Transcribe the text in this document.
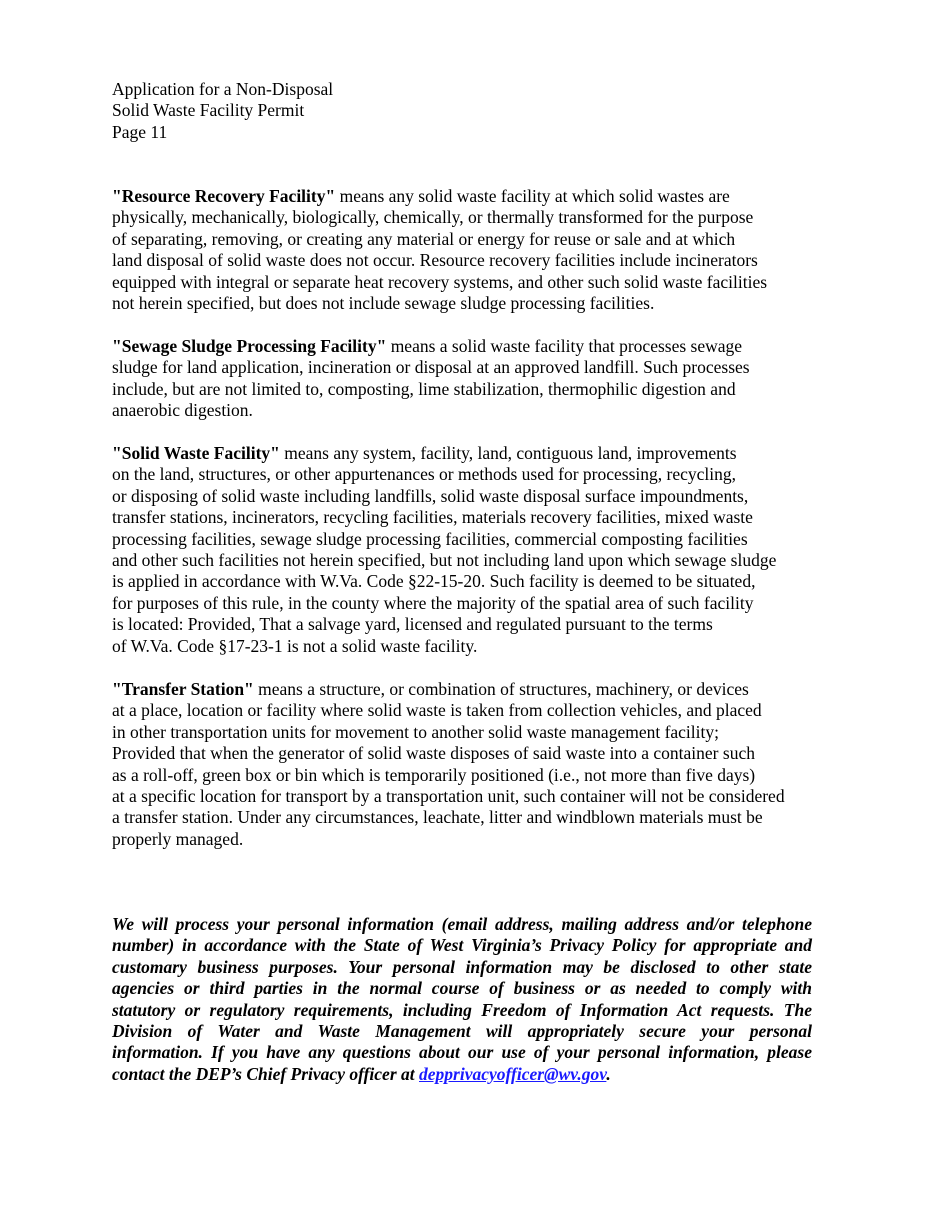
Application for a Non-Disposal
Solid Waste Facility Permit
Page 11
"Resource Recovery Facility" means any solid waste facility at which solid wastes are
physically, mechanically, biologically, chemically, or thermally transformed for the purpose
of separating, removing, or creating any material or energy for reuse or sale and at which
land disposal of solid waste does not occur. Resource recovery facilities include incinerators
equipped with integral or separate heat recovery systems, and other such solid waste facilities
not herein specified, but does not include sewage sludge processing facilities.
"Sewage Sludge Processing Facility" means a solid waste facility that processes sewage
sludge for land application, incineration or disposal at an approved landfill. Such processes
include, but are not limited to, composting, lime stabilization, thermophilic digestion and
anaerobic digestion.
"Solid Waste Facility" means any system, facility, land, contiguous land, improvements
on the land, structures, or other appurtenances or methods used for processing, recycling,
or disposing of solid waste including landfills, solid waste disposal surface impoundments,
transfer stations, incinerators, recycling facilities, materials recovery facilities, mixed waste
processing facilities, sewage sludge processing facilities, commercial composting facilities
and other such facilities not herein specified, but not including land upon which sewage sludge
is applied in accordance with W.Va. Code §22-15-20. Such facility is deemed to be situated,
for purposes of this rule, in the county where the majority of the spatial area of such facility
is located: Provided, That a salvage yard, licensed and regulated pursuant to the terms
of W.Va. Code §17-23-1 is not a solid waste facility.
"Transfer Station" means a structure, or combination of structures, machinery, or devices
at a place, location or facility where solid waste is taken from collection vehicles, and placed
in other transportation units for movement to another solid waste management facility;
Provided that when the generator of solid waste disposes of said waste into a container such
as a roll-off, green box or bin which is temporarily positioned (i.e., not more than five days)
at a specific location for transport by a transportation unit, such container will not be considered
a transfer station. Under any circumstances, leachate, litter and windblown materials must be
properly managed.
We will process your personal information (email address, mailing address and/or telephone
number) in accordance with the State of West Virginia’s Privacy Policy for appropriate and
customary business purposes. Your personal information may be disclosed to other state
agencies or third parties in the normal course of business or as needed to comply with
statutory or regulatory requirements, including Freedom of Information Act requests. The
Division of Water and Waste Management will appropriately secure your personal
information. If you have any questions about our use of your personal information, please
contact the DEP’s Chief Privacy officer at depprivacyofficer@wv.gov.
